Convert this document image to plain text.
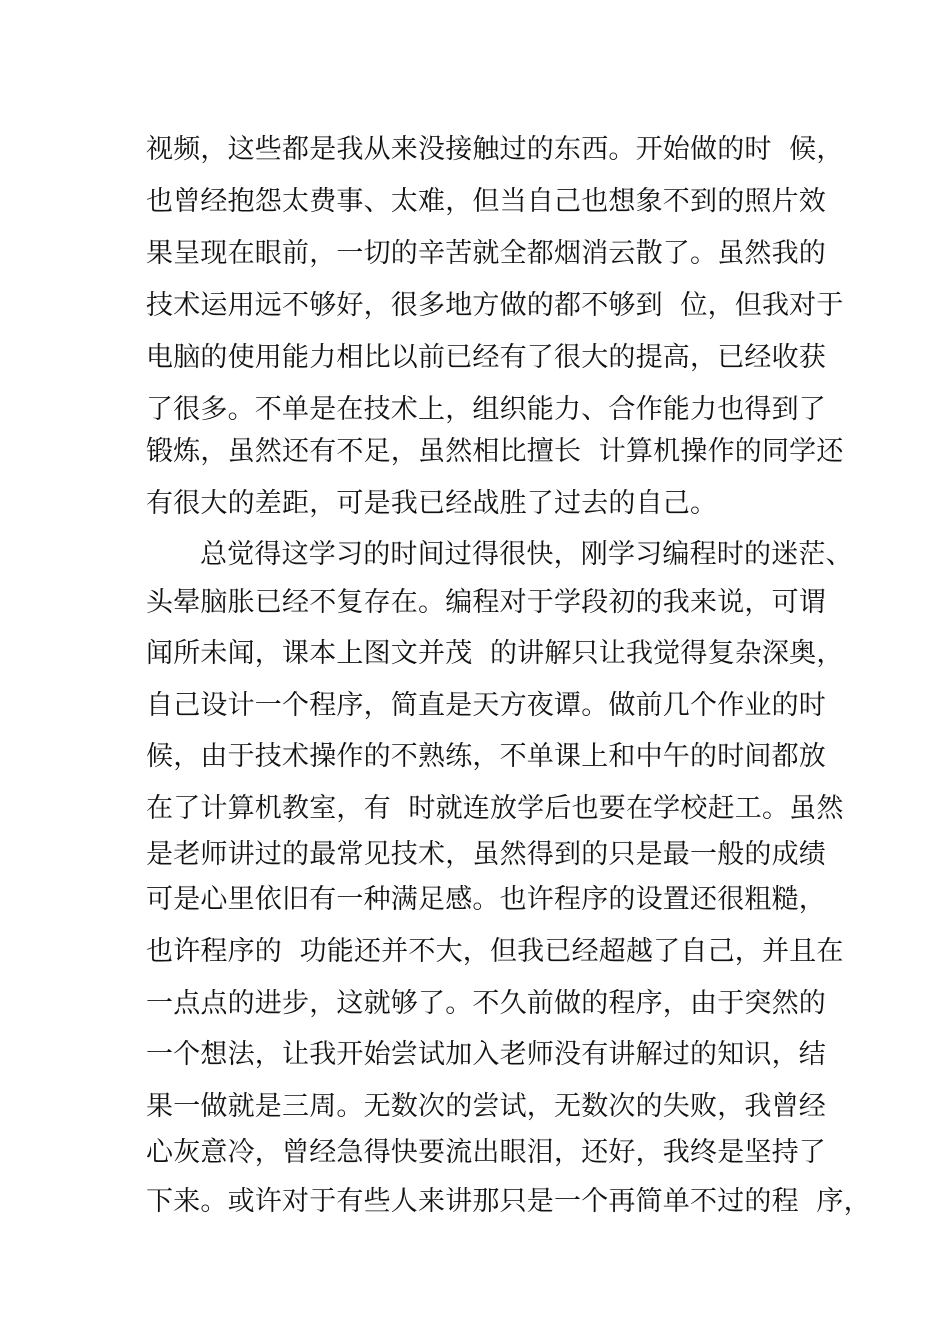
视频，这些都是我从来没接触过的东西。开始做的时  候，
也曾经抱怨太费事、太难，但当自己也想象不到的照片效
果呈现在眼前，一切的辛苦就全都烟消云散了。虽然我的
技术运用远不够好，很多地方做的都不够到  位，但我对于
电脑的使用能力相比以前已经有了很大的提高，已经收获
了很多。不单是在技术上，组织能力、合作能力也得到了
锻炼，虽然还有不足，虽然相比擅长  计算机操作的同学还
有很大的差距，可是我已经战胜了过去的自己。
总觉得这学习的时间过得很快，刚学习编程时的迷茫、
头晕脑胀已经不复存在。编程对于学段初的我来说，可谓
闻所未闻，课本上图文并茂  的讲解只让我觉得复杂深奥，
自己设计一个程序，简直是天方夜谭。做前几个作业的时
候，由于技术操作的不熟练，不单课上和中午的时间都放
在了计算机教室，有  时就连放学后也要在学校赶工。虽然
是老师讲过的最常见技术，虽然得到的只是最一般的成绩
可是心里依旧有一种满足感。也许程序的设置还很粗糙，
也许程序的  功能还并不大，但我已经超越了自己，并且在
一点点的进步，这就够了。不久前做的程序，由于突然的
一个想法，让我开始尝试加入老师没有讲解过的知识，结
果一做就是三周。无数次的尝试，无数次的失败，我曾经
心灰意冷，曾经急得快要流出眼泪，还好，我终是坚持了
下来。或许对于有些人来讲那只是一个再简单不过的程  序，
